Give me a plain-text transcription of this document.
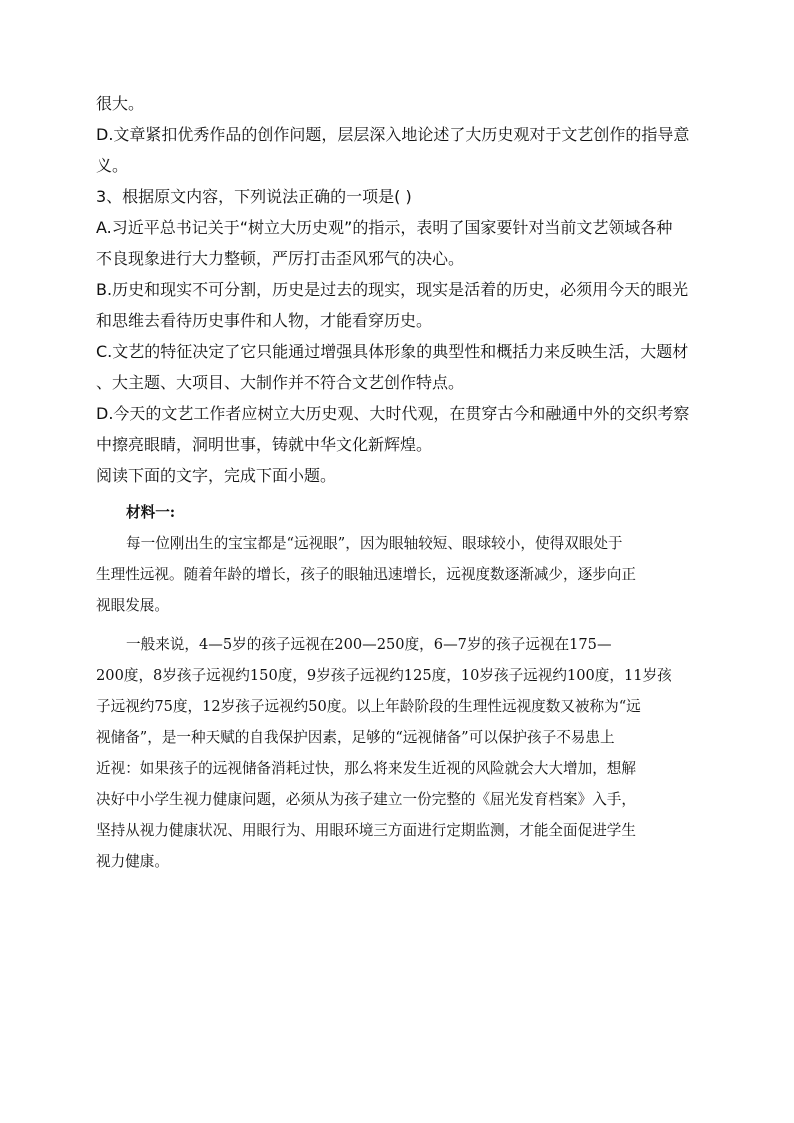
很大。

D.文章紧扣优秀作品的创作问题，层层深入地论述了大历史观对于文艺创作的指导意

义。

3、根据原文内容，下列说法正确的一项是( )

A.习近平总书记关于“树立大历史观”的指示，表明了国家要针对当前文艺领域各种

不良现象进行大力整顿，严厉打击歪风邪气的决心。

B.历史和现实不可分割，历史是过去的现实，现实是活着的历史，必须用今天的眼光

和思维去看待历史事件和人物，才能看穿历史。

C.文艺的特征决定了它只能通过增强具体形象的典型性和概括力来反映生活，大题材

、大主题、大项目、大制作并不符合文艺创作特点。

D.今天的文艺工作者应树立大历史观、大时代观，在贯穿古今和融通中外的交织考察

中擦亮眼睛，洞明世事，铸就中华文化新辉煌。

阅读下面的文字，完成下面小题。

材料一:

每一位刚出生的宝宝都是“远视眼”，因为眼轴较短、眼球较小，使得双眼处于

生理性远视。随着年龄的增长，孩子的眼轴迅速增长，远视度数逐渐减少，逐步向正

视眼发展。

一般来说，4—5岁的孩子远视在200—250度，6—7岁的孩子远视在175—

200度，8岁孩子远视约150度，9岁孩子远视约125度，10岁孩子远视约100度，11岁孩

子远视约75度，12岁孩子远视约50度。以上年龄阶段的生理性远视度数又被称为“远

视储备”，是一种天赋的自我保护因素，足够的“远视储备”可以保护孩子不易患上

近视：如果孩子的远视储备消耗过快，那么将来发生近视的风险就会大大增加，想解

决好中小学生视力健康问题，必须从为孩子建立一份完整的《屈光发育档案》入手，

坚持从视力健康状况、用眼行为、用眼环境三方面进行定期监测，才能全面促进学生

视力健康。
